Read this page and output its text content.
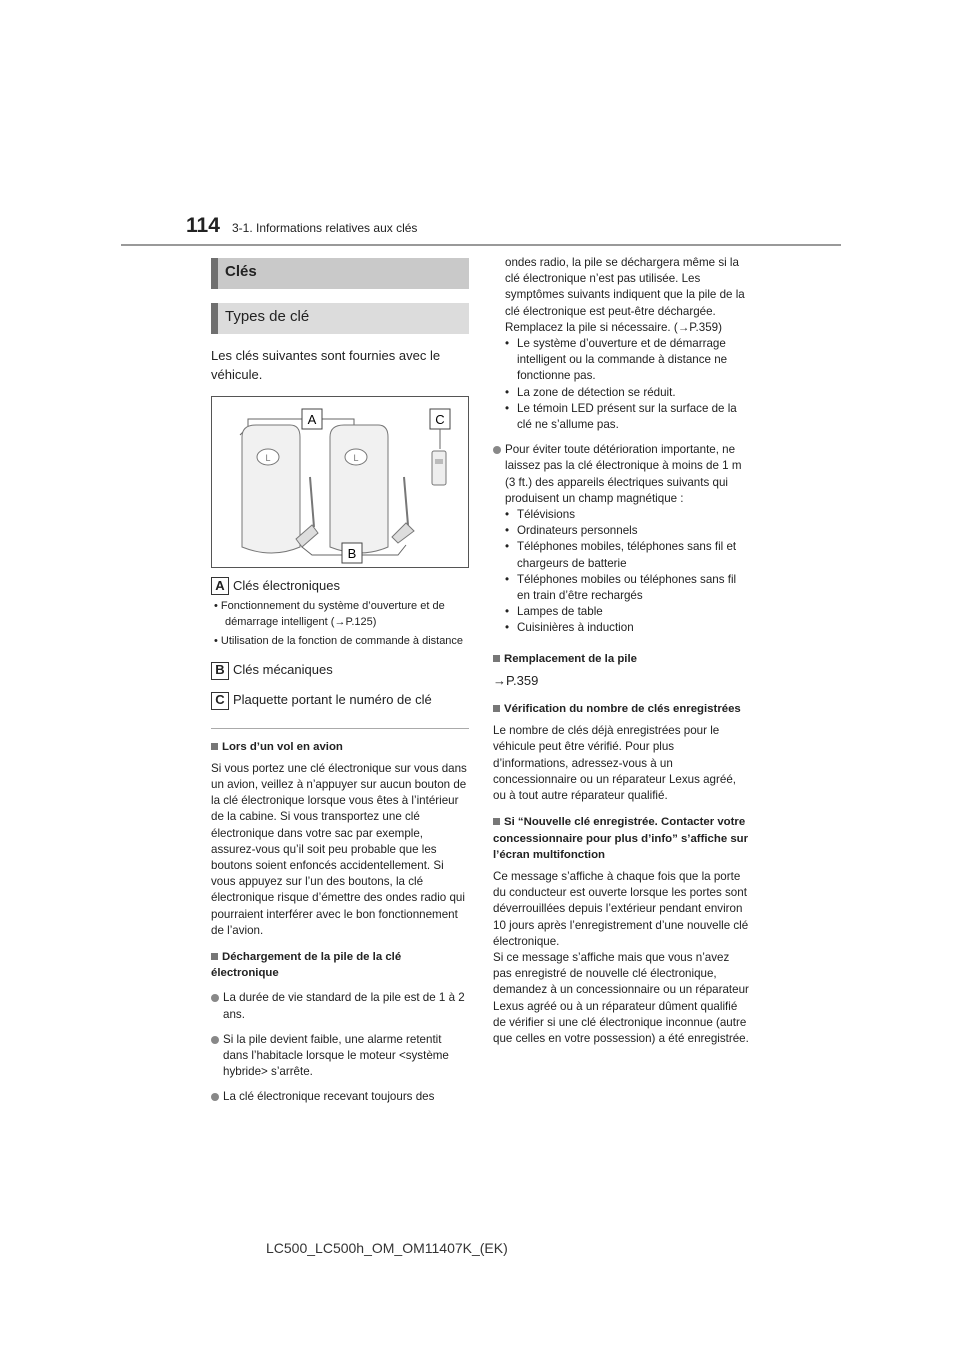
114 3-1. Informations relatives aux clés
Clés
Types de clé

Les clés suivantes sont fournies avec le véhicule.

A	C
L	L
B
A Clés électroniques

• Fonctionnement du système d’ouverture et de démarrage intelligent (→P.125)

• Utilisation de la fonction de commande à distance

B Clés mécaniques
C Plaquette portant le numéro de clé

Lors d’un vol en avion

Si vous portez une clé électronique sur vous dans un avion, veillez à n’appuyer sur aucun bouton de la clé électronique lorsque vous êtes à l’intérieur de la cabine. Si vous transportez une clé électronique dans votre sac par exemple, assurez-vous qu’il soit peu probable que les boutons soient enfoncés accidentellement. Si vous appuyez sur l’un des boutons, la clé électronique risque d’émettre des ondes radio qui pourraient interférer avec le bon fonctionnement de l’avion.

Déchargement de la pile de la clé électronique

La durée de vie standard de la pile est de 1 à 2 ans.

Si la pile devient faible, une alarme retentit dans l’habitacle lorsque le moteur <système hybride> s’arrête.

La clé électronique recevant toujours des

ondes radio, la pile se déchargera même si la clé électronique n’est pas utilisée. Les symptômes suivants indiquent que la pile de la clé électronique est peut-être déchargée. Remplacez la pile si nécessaire. (→P.359)

• Le système d’ouverture et de démarrage intelligent ou la commande à distance ne fonctionne pas.

• La zone de détection se réduit.

• Le témoin LED présent sur la surface de la clé ne s’allume pas.

Pour éviter toute détérioration importante, ne laissez pas la clé électronique à moins de 1 m (3 ft.) des appareils électriques suivants qui produisent un champ magnétique :

• Télévisions

• Ordinateurs personnels

• Téléphones mobiles, téléphones sans fil et chargeurs de batterie

• Téléphones mobiles ou téléphones sans fil en train d’être rechargés

• Lampes de table

• Cuisinières à induction

Remplacement de la pile

→P.359

Vérification du nombre de clés enregistrées

Le nombre de clés déjà enregistrées pour le véhicule peut être vérifié. Pour plus d’informations, adressez-vous à un concessionnaire ou un réparateur Lexus agréé, ou à tout autre réparateur qualifié.

Si “Nouvelle clé enregistrée. Contacter votre concessionnaire pour plus d’info” s’affiche sur l’écran multifonction

Ce message s’affiche à chaque fois que la porte du conducteur est ouverte lorsque les portes sont déverrouillées depuis l’extérieur pendant environ 10 jours après l’enregistrement d’une nouvelle clé électronique.

Si ce message s’affiche mais que vous n’avez pas enregistré de nouvelle clé électronique, demandez à un concessionnaire ou un réparateur Lexus agréé ou à un réparateur dûment qualifié de vérifier si une clé électronique inconnue (autre que celles en votre possession) a été enregistrée.

LC500_LC500h_OM_OM11407K_(EK)
